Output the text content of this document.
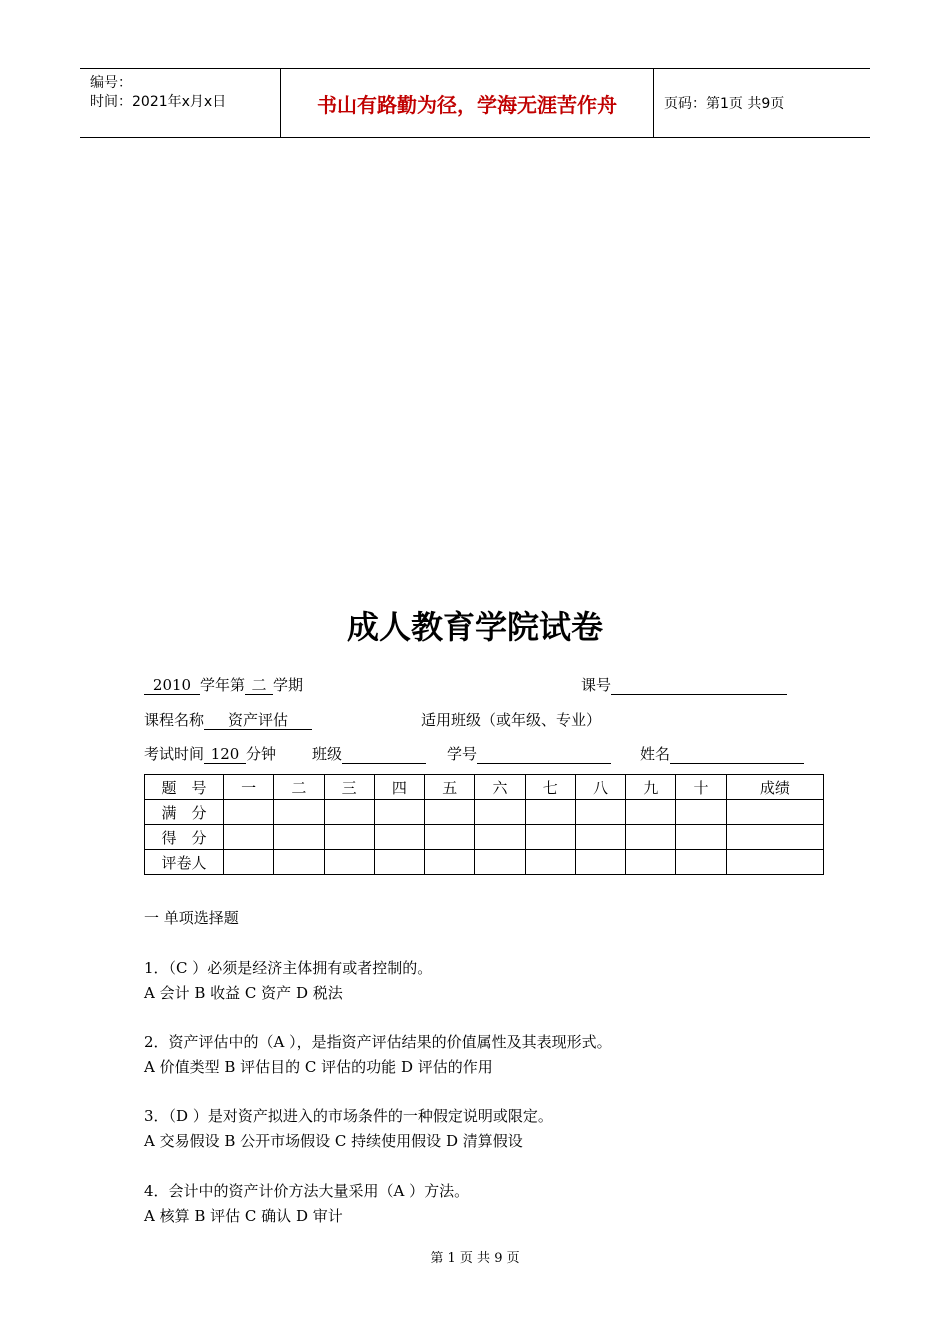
编号：
时间：2021年x月x日	书山有路勤为径，学海无涯苦作舟	页码：第1页 共9页
成人教育学院试卷
2010 学年第 二 学期	课号
课程名称 资产评估	适用班级（或年级、专业）
考试时间 120 分钟 班级	学号	姓名
题　号	一	二	三	四	五	六	七	八	九	十	成绩
满　分											
得　分											
评卷人											
一 单项选择题
1．（C ）必须是经济主体拥有或者控制的。
A 会计 B 收益 C 资产 D 税法
2．资产评估中的（A ），是指资产评估结果的价值属性及其表现形式。
A 价值类型 B 评估目的 C 评估的功能 D 评估的作用
3．（D ）是对资产拟进入的市场条件的一种假定说明或限定。
A 交易假设 B 公开市场假设 C 持续使用假设 D 清算假设
4．会计中的资产计价方法大量采用（A ）方法。
A 核算 B 评估 C 确认 D 审计
第 1 页 共 9 页
